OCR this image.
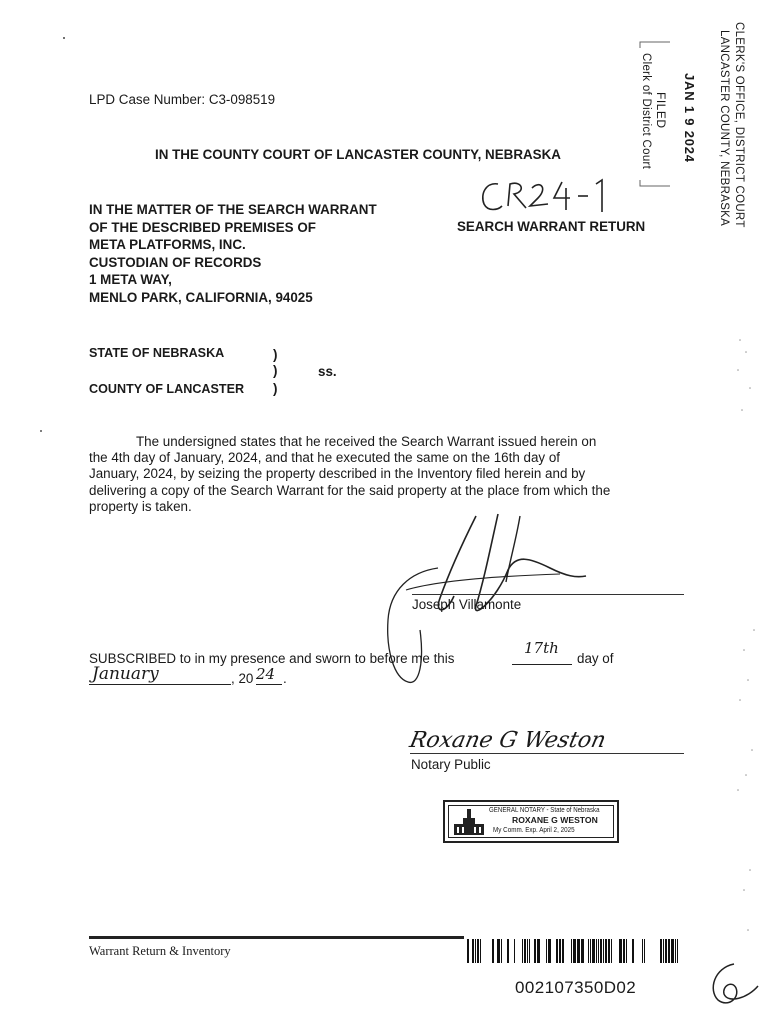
LPD Case Number: C3-098519	Clerk of District Court FILED JAN 1 9 2024 LANCASTER COUNTY, NEBRASKA CLERK'S OFFICE, DISTRICT COURT
IN THE COUNTY COURT OF LANCASTER COUNTY, NEBRASKA
IN THE MATTER OF THE SEARCH WARRANT
OF THE DESCRIBED PREMISES OF
META PLATFORMS, INC.
CUSTODIAN OF RECORDS
1 META WAY,
MENLO PARK, CALIFORNIA, 94025
SEARCH WARRANT RETURN
STATE OF NEBRASKA	)
)	ss.
COUNTY OF LANCASTER )

The undersigned states that he received the Search Warrant issued herein on

the 4th day of January, 2024, and that he executed the same on the 16th day of

January, 2024, by seizing the property described in the Inventory filed herein and by

delivering a copy of the Search Warrant for the said property at the place from which the

property is taken.

Joseph Villamonte
SUBSCRIBED to in my presence and sworn to before me this
17th
day of
January	, 20 24 .
Roxane G Weston
Notary Public
GENERAL NOTARY - State of Nebraska
ROXANE G WESTON
My Comm. Exp. April 2, 2025
Warrant Return & Inventory
002107350D02
